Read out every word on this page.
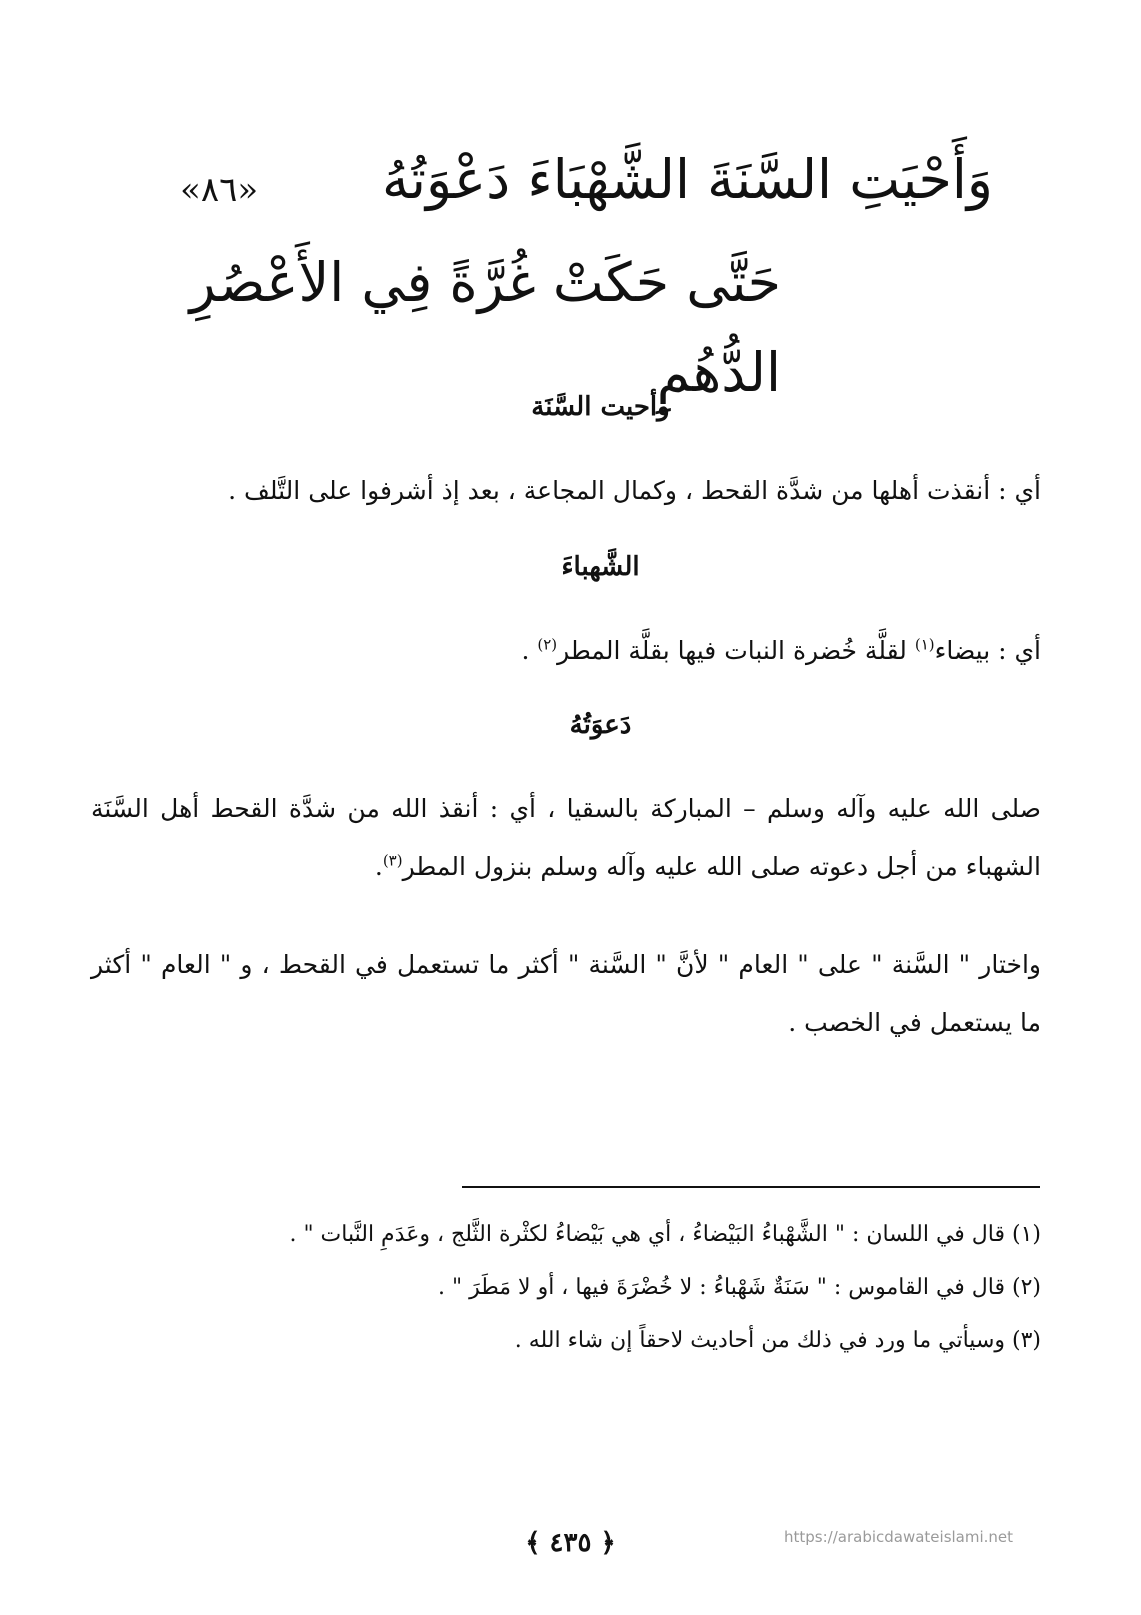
«٨٦»	وَأَحْيَتِ السَّنَةَ الشَّهْبَاءَ دَعْوَتُهُ
حَتَّى حَكَتْ غُرَّةً فِي الأَعْصُرِ الدُّهُمِ
وأحيت السَّنَة
أي : أنقذت أهلها من شدَّة القحط ، وكمال المجاعة ، بعد إذ أشرفوا على التَّلف .
الشَّهباءَ
أي : بيضاء$^{(١)}$ لقلَّة خُضرة النبات فيها بقلَّة المطر$^{(٢)}$ .
دَعوَتُهُ
صلى الله عليه وآله وسلم – المباركة بالسقيا ، أي : أنقذ الله من شدَّة القحط أهل السَّنَة الشهباء من أجل دعوته صلى الله عليه وآله وسلم بنزول المطر$^{(٣)}$.
واختار " السَّنة " على " العام " لأنَّ " السَّنة " أكثر ما تستعمل في القحط ، و " العام " أكثر ما يستعمل في الخصب .
(١) قال في اللسان : " الشَّهْباءُ البَيْضاءُ ، أي هي بَيْضاءُ لكثْرة الثَّلج ، وعَدَمِ النَّبات " .
(٢) قال في القاموس : " سَنَةٌ شَهْباءُ : لا خُضْرَةَ فيها ، أو لا مَطَرَ " .
(٣) وسيأتي ما ورد في ذلك من أحاديث لاحقاً إن شاء الله .
﴿ ٤٣٥ ﴾	https://arabicdawateislami.net
